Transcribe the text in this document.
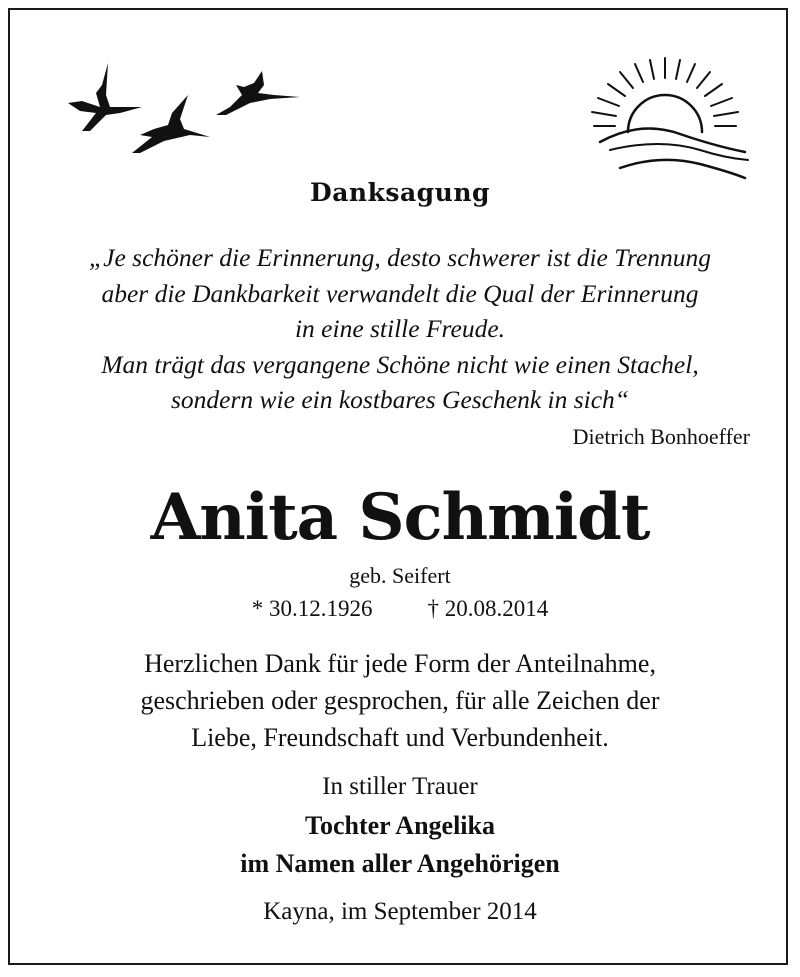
Danksagung
„Je schöner die Erinnerung, desto schwerer ist die Trennung
aber die Dankbarkeit verwandelt die Qual der Erinnerung
in eine stille Freude.
Man trägt das vergangene Schöne nicht wie einen Stachel,
sondern wie ein kostbares Geschenk in sich“
Dietrich Bonhoeffer
Anita Schmidt
geb. Seifert
* 30.12.1926 † 20.08.2014
Herzlichen Dank für jede Form der Anteilnahme,
geschrieben oder gesprochen, für alle Zeichen der
Liebe, Freundschaft und Verbundenheit.
In stiller Trauer
Tochter Angelika
im Namen aller Angehörigen
Kayna, im September 2014
